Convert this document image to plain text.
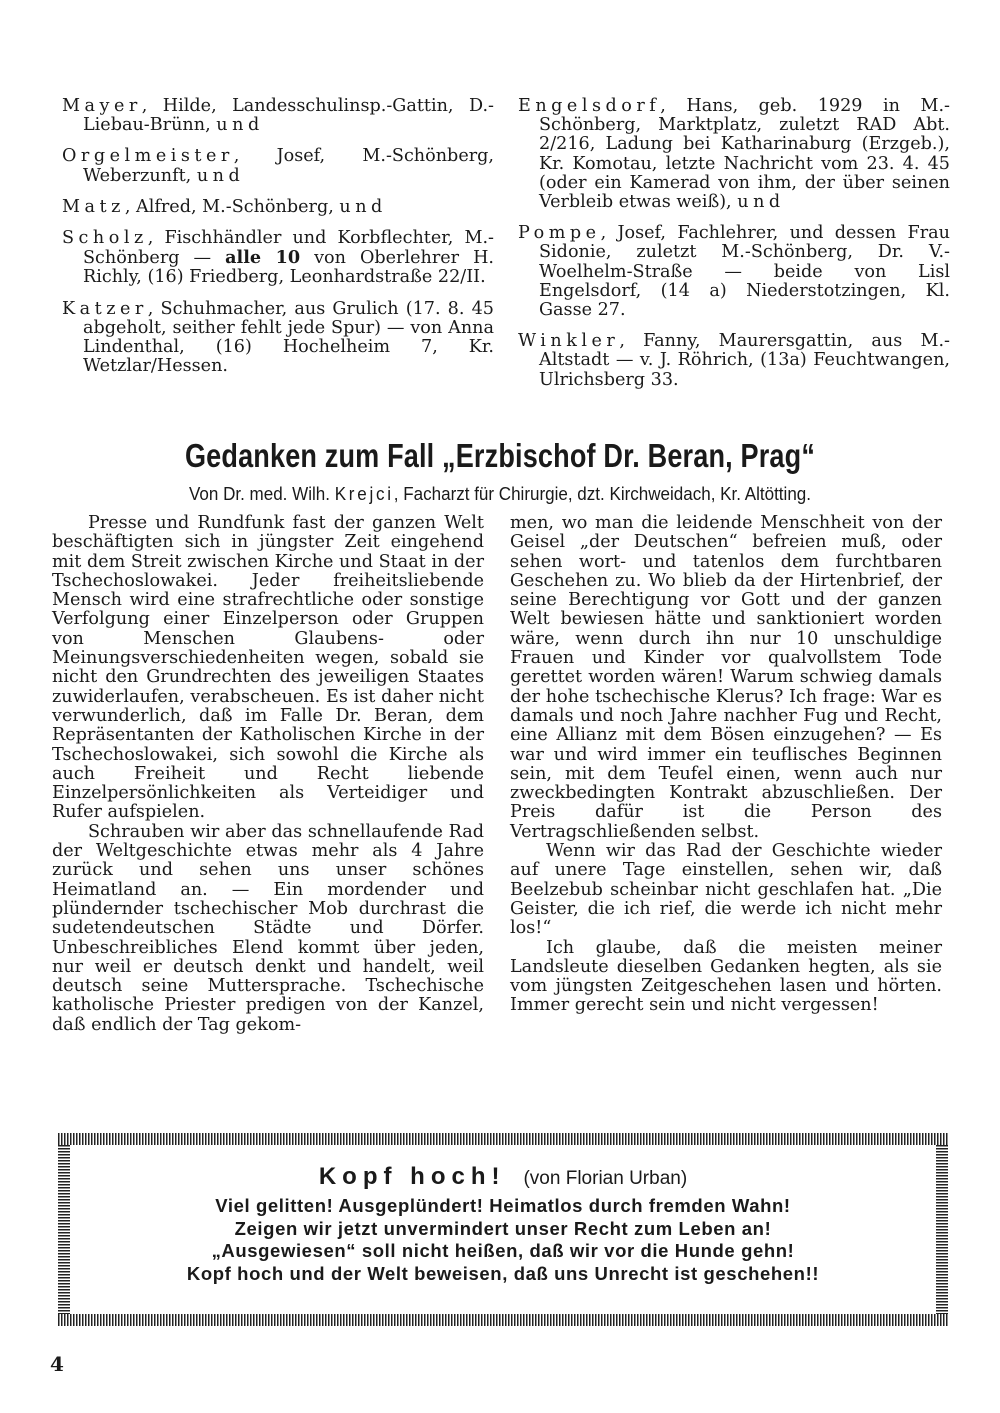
Mayer, Hilde, Landesschulinsp.-Gattin, D.-Liebau-Brünn, und

Orgelmeister, Josef, M.-Schönberg, Weberzunft, und

Matz, Alfred, M.-Schönberg, und

Scholz, Fischhändler und Korbflechter, M.-Schönberg — alle 10 von Oberlehrer H. Richly, (16) Friedberg, Leonhardstraße 22/II.

Katzer, Schuhmacher, aus Grulich (17. 8. 45 abgeholt, seither fehlt jede Spur) — von Anna Lindenthal, (16) Hochelheim 7, Kr. Wetzlar/Hessen.

Engelsdorf, Hans, geb. 1929 in M.-Schönberg, Marktplatz, zuletzt RAD Abt. 2/216, Ladung bei Katharinaburg (Erzgeb.), Kr. Komotau, letzte Nachricht vom 23. 4. 45 (oder ein Kamerad von ihm, der über seinen Verbleib etwas weiß), und

Pompe, Josef, Fachlehrer, und dessen Frau Sidonie, zuletzt M.-Schönberg, Dr. V.-Woelhelm-Straße — beide von Lisl Engelsdorf, (14 a) Niederstotzingen, Kl. Gasse 27.

Winkler, Fanny, Maurersgattin, aus M.-Altstadt — v. J. Röhrich, (13a) Feuchtwangen, Ulrichsberg 33.

Gedanken zum Fall „Erzbischof Dr. Beran, Prag“
Von Dr. med. Wilh. Krejci, Facharzt für Chirurgie, dzt. Kirchweidach, Kr. Altötting.

Presse und Rundfunk fast der ganzen Welt beschäftigten sich in jüngster Zeit eingehend mit dem Streit zwischen Kirche und Staat in der Tschechoslowakei. Jeder freiheitsliebende Mensch wird eine strafrechtliche oder sonstige Verfolgung einer Einzelperson oder Gruppen von Menschen Glaubens- oder Meinungsverschiedenheiten wegen, sobald sie nicht den Grundrechten des jeweiligen Staates zuwiderlaufen, verabscheuen. Es ist daher nicht verwunderlich, daß im Falle Dr. Beran, dem Repräsentanten der Katholischen Kirche in der Tschechoslowakei, sich sowohl die Kirche als auch Freiheit und Recht liebende Einzelpersönlichkeiten als Verteidiger und Rufer aufspielen.

Schrauben wir aber das schnellaufende Rad der Weltgeschichte etwas mehr als 4 Jahre zurück und sehen uns unser schönes Heimatland an. — Ein mordender und plündernder tschechischer Mob durchrast die sudetendeutschen Städte und Dörfer. Unbeschreibliches Elend kommt über jeden, nur weil er deutsch denkt und handelt, weil deutsch seine Muttersprache. Tschechische katholische Priester predigen von der Kanzel, daß endlich der Tag gekom-

men, wo man die leidende Menschheit von der Geisel „der Deutschen“ befreien muß, oder sehen wort- und tatenlos dem furchtbaren Geschehen zu. Wo blieb da der Hirtenbrief, der seine Berechtigung vor Gott und der ganzen Welt bewiesen hätte und sanktioniert worden wäre, wenn durch ihn nur 10 unschuldige Frauen und Kinder vor qualvollstem Tode gerettet worden wären! Warum schwieg damals der hohe tschechische Klerus? Ich frage: War es damals und noch Jahre nachher Fug und Recht, eine Allianz mit dem Bösen einzugehen? — Es war und wird immer ein teuflisches Beginnen sein, mit dem Teufel einen, wenn auch nur zweckbedingten Kontrakt abzuschließen. Der Preis dafür ist die Person des Vertragschließenden selbst.

Wenn wir das Rad der Geschichte wieder auf unere Tage einstellen, sehen wir, daß Beelzebub scheinbar nicht geschlafen hat. „Die Geister, die ich rief, die werde ich nicht mehr los!“

Ich glaube, daß die meisten meiner Landsleute dieselben Gedanken hegten, als sie vom jüngsten Zeitgeschehen lasen und hörten. Immer gerecht sein und nicht vergessen!

Kopf hoch! (von Florian Urban)
Viel gelitten! Ausgeplündert! Heimatlos durch fremden Wahn!
Zeigen wir jetzt unvermindert unser Recht zum Leben an!
„Ausgewiesen“ soll nicht heißen, daß wir vor die Hunde gehn!
Kopf hoch und der Welt beweisen, daß uns Unrecht ist geschehen!!
4
